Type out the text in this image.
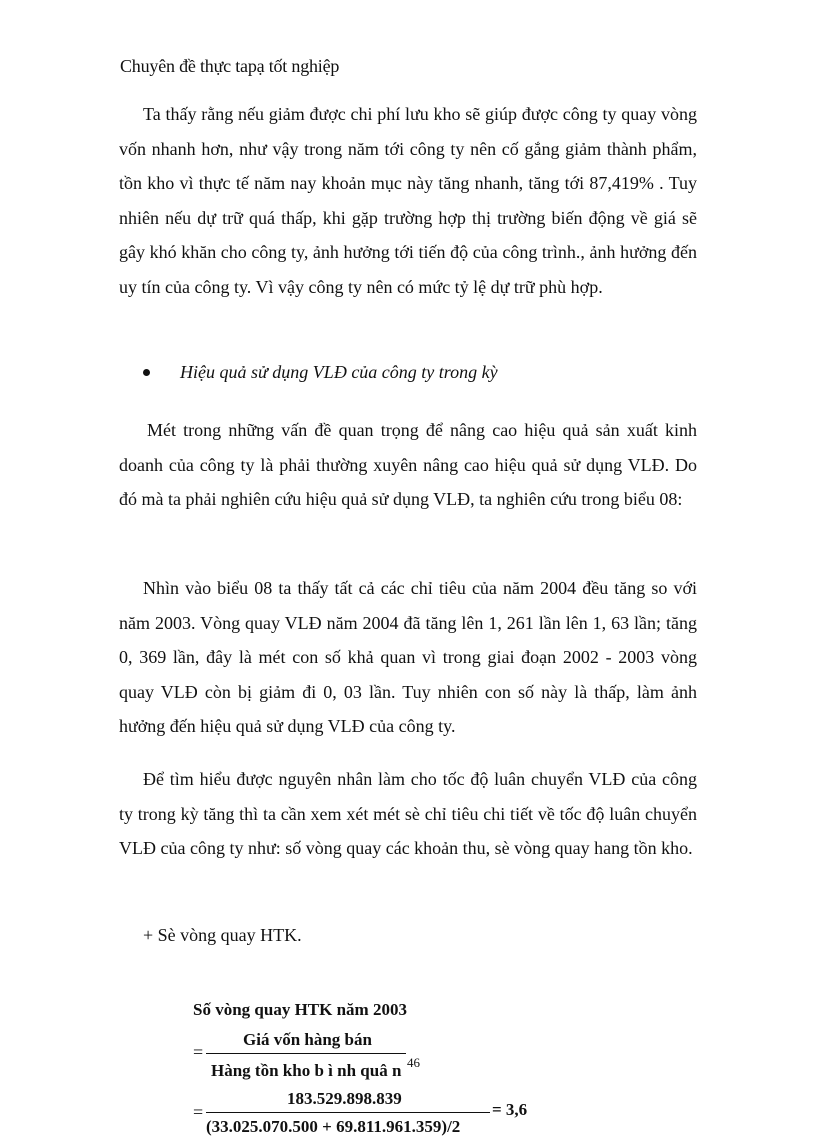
Chuyên đề thực tapạ tốt nghiệp

Ta thấy rằng nếu giảm được chi phí lưu kho sẽ giúp được công ty quay vòng vốn nhanh hơn, như vậy trong năm tới công ty nên cố gắng giảm thành phẩm, tồn kho vì thực tế năm nay khoản mục này tăng nhanh, tăng tới 87,419% . Tuy nhiên nếu dự trữ quá thấp, khi gặp trường hợp thị trường biến động về giá sẽ gây khó khăn cho công ty, ảnh hưởng tới tiến độ của công trình., ảnh hưởng đến uy tín của công ty. Vì vậy công ty nên có mức tỷ lệ dự trữ phù hợp.

Hiệu quả sử dụng VLĐ của công ty trong kỳ

Mét trong những vấn đề quan trọng để nâng cao hiệu quả sản xuất kinh doanh của công ty là phải thường xuyên nâng cao hiệu quả sử dụng VLĐ. Do đó mà ta phải nghiên cứu hiệu quả sử dụng VLĐ, ta nghiên cứu trong biểu 08:

Nhìn vào biểu 08 ta thấy tất cả các chỉ tiêu của năm 2004 đều tăng so với năm 2003. Vòng quay VLĐ năm 2004 đã tăng lên 1, 261 lần lên 1, 63 lần; tăng 0, 369 lần, đây là mét con số khả quan vì trong giai đoạn 2002 - 2003 vòng quay VLĐ còn bị giảm đi 0, 03 lần. Tuy nhiên con số này là thấp, làm ảnh hưởng đến hiệu quả sử dụng VLĐ của công ty.

Để tìm hiểu được nguyên nhân làm cho tốc độ luân chuyển VLĐ của công ty trong kỳ tăng thì ta cần xem xét mét sè chỉ tiêu chi tiết về tốc độ luân chuyển VLĐ của công ty như: số vòng quay các khoản thu, sè vòng quay hang tồn kho.

+ Sè vòng quay HTK.
Số vòng quay HTK năm 2003
=
Giá vốn hàng bán
Hàng tồn kho b ì nh quâ n 46
=
183.529.898.839
= 3,6
(33.025.070.500 + 69.811.961.359)/2
